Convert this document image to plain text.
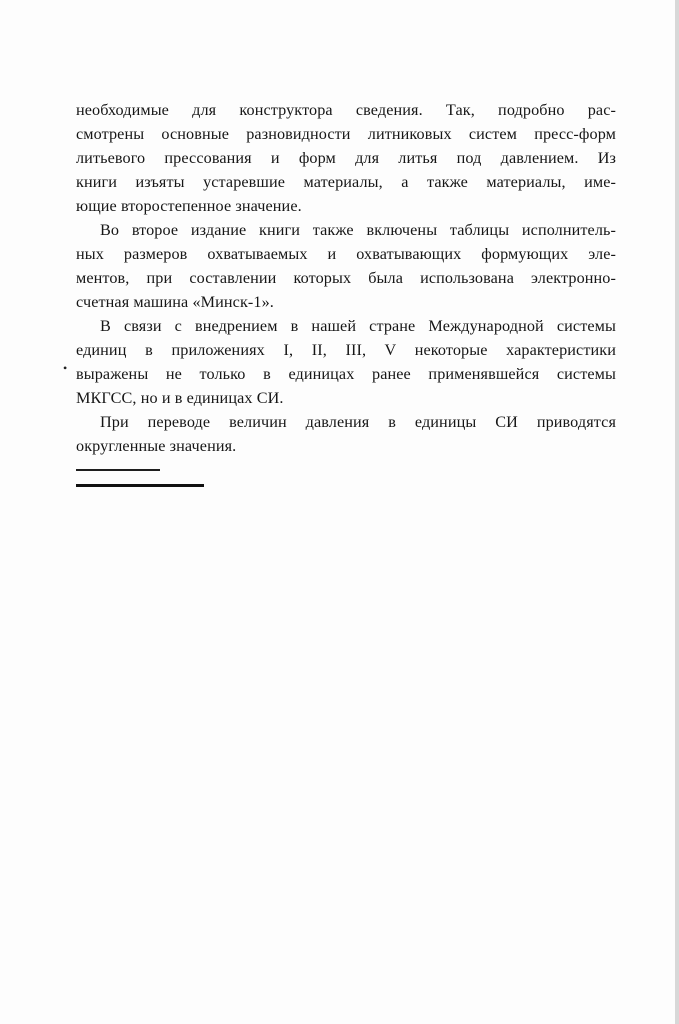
необходимые для конструктора сведения. Так, подробно рас-
смотрены основные разновидности литниковых систем пресс-форм
литьевого прессования и форм для литья под давлением. Из
книги изъяты устаревшие материалы, а также материалы, име-
ющие второстепенное значение.
Во второе издание книги также включены таблицы исполнитель-
ных размеров охватываемых и охватывающих формующих эле-
ментов, при составлении которых была использована электронно-
счетная машина «Минск-1».
В связи с внедрением в нашей стране Международной системы
единиц в приложениях I, II, III, V некоторые характеристики
выражены не только в единицах ранее применявшейся системы
МКГСС, но и в единицах СИ.
При переводе величин давления в единицы СИ приводятся
округленные значения.
•
